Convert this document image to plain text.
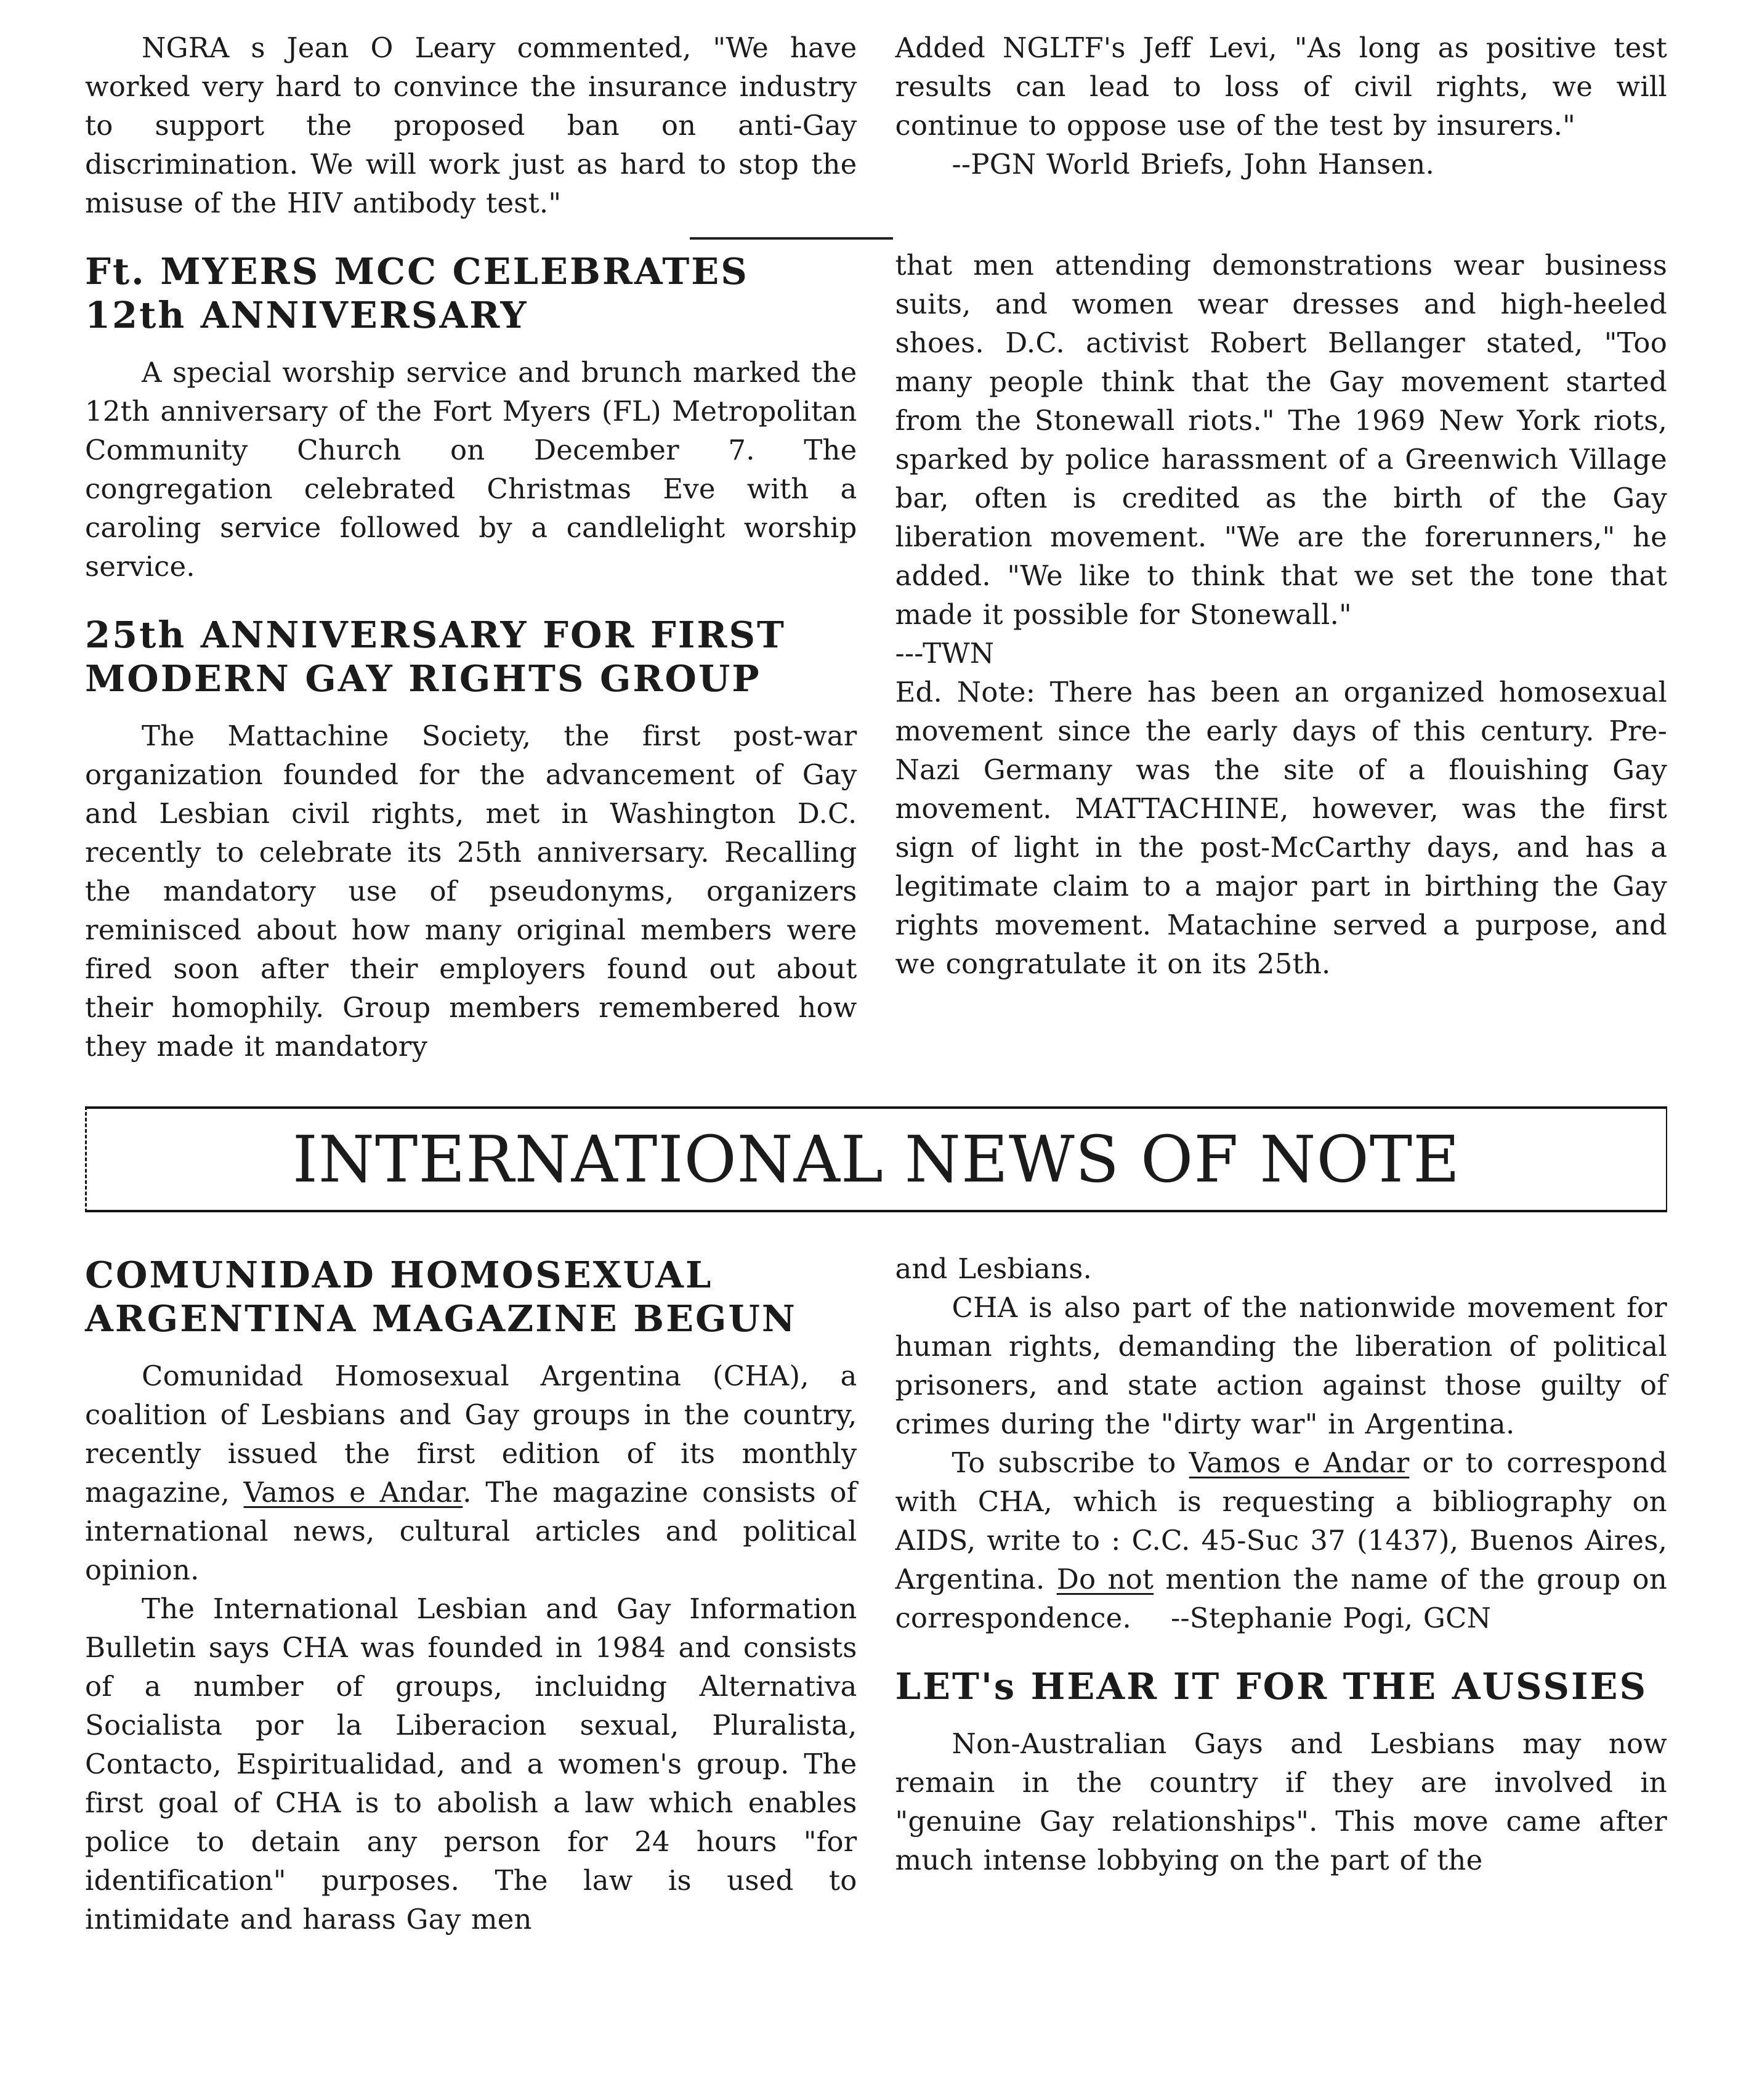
NGRA s Jean O Leary commented, "We have worked very hard to convince the insurance industry to support the proposed ban on anti-Gay discrimination. We will work just as hard to stop the misuse of the HIV antibody test."

Added NGLTF's Jeff Levi, "As long as positive test results can lead to loss of civil rights, we will continue to oppose use of the test by insurers."

--PGN World Briefs, John Hansen.

Ft. MYERS MCC CELEBRATES 12th ANNIVERSARY

A special worship service and brunch marked the 12th anniversary of the Fort Myers (FL) Metropolitan Community Church on December 7. The congregation celebrated Christmas Eve with a caroling service followed by a candlelight worship service.

25th ANNIVERSARY FOR FIRST MODERN GAY RIGHTS GROUP

The Mattachine Society, the first post-war organization founded for the advancement of Gay and Lesbian civil rights, met in Washington D.C. recently to celebrate its 25th anniversary. Recalling the mandatory use of pseudonyms, organizers reminisced about how many original members were fired soon after their employers found out about their homophily. Group members remembered how they made it mandatory

that men attending demonstrations wear business suits, and women wear dresses and high-heeled shoes. D.C. activist Robert Bellanger stated, "Too many people think that the Gay movement started from the Stonewall riots." The 1969 New York riots, sparked by police harassment of a Greenwich Village bar, often is credited as the birth of the Gay liberation movement. "We are the forerunners," he added. "We like to think that we set the tone that made it possible for Stonewall."

---TWN

Ed. Note: There has been an organized homosexual movement since the early days of this century. Pre-Nazi Germany was the site of a flouishing Gay movement. MATTACHINE, however, was the first sign of light in the post-McCarthy days, and has a legitimate claim to a major part in birthing the Gay rights movement. Matachine served a purpose, and we congratulate it on its 25th.

INTERNATIONAL NEWS OF NOTE
COMUNIDAD HOMOSEXUAL ARGENTINA MAGAZINE BEGUN

Comunidad Homosexual Argentina (CHA), a coalition of Lesbians and Gay groups in the country, recently issued the first edition of its monthly magazine, Vamos e Andar. The magazine consists of international news, cultural articles and political opinion.

The International Lesbian and Gay Information Bulletin says CHA was founded in 1984 and consists of a number of groups, incluidng Alternativa Socialista por la Liberacion sexual, Pluralista, Contacto, Espiritualidad, and a women's group. The first goal of CHA is to abolish a law which enables police to detain any person for 24 hours "for identification" purposes. The law is used to intimidate and harass Gay men

and Lesbians.

CHA is also part of the nationwide movement for human rights, demanding the liberation of political prisoners, and state action against those guilty of crimes during the "dirty war" in Argentina.

To subscribe to Vamos e Andar or to correspond with CHA, which is requesting a bibliography on AIDS, write to : C.C. 45-Suc 37 (1437), Buenos Aires, Argentina. Do not mention the name of the group on correspondence. --Stephanie Pogi, GCN

LET's HEAR IT FOR THE AUSSIES

Non-Australian Gays and Lesbians may now remain in the country if they are involved in "genuine Gay relationships". This move came after much intense lobbying on the part of the
